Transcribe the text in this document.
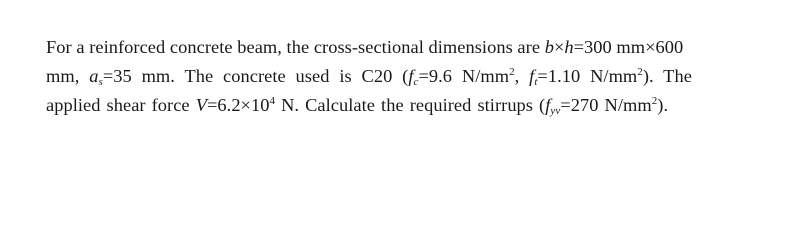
For a reinforced concrete beam, the cross-sectional dimensions are b×h=300 mm×600
mm, $a_s=35$ mm. The concrete used is C20 ($f_c=9.6$ $N/mm^2$, $f_t=1.10$ $N/mm^2$). The
applied shear force $V=6.2\times 10^4$ N. Calculate the required stirrups ($f_{yv}=270$ $N/mm^2$).
